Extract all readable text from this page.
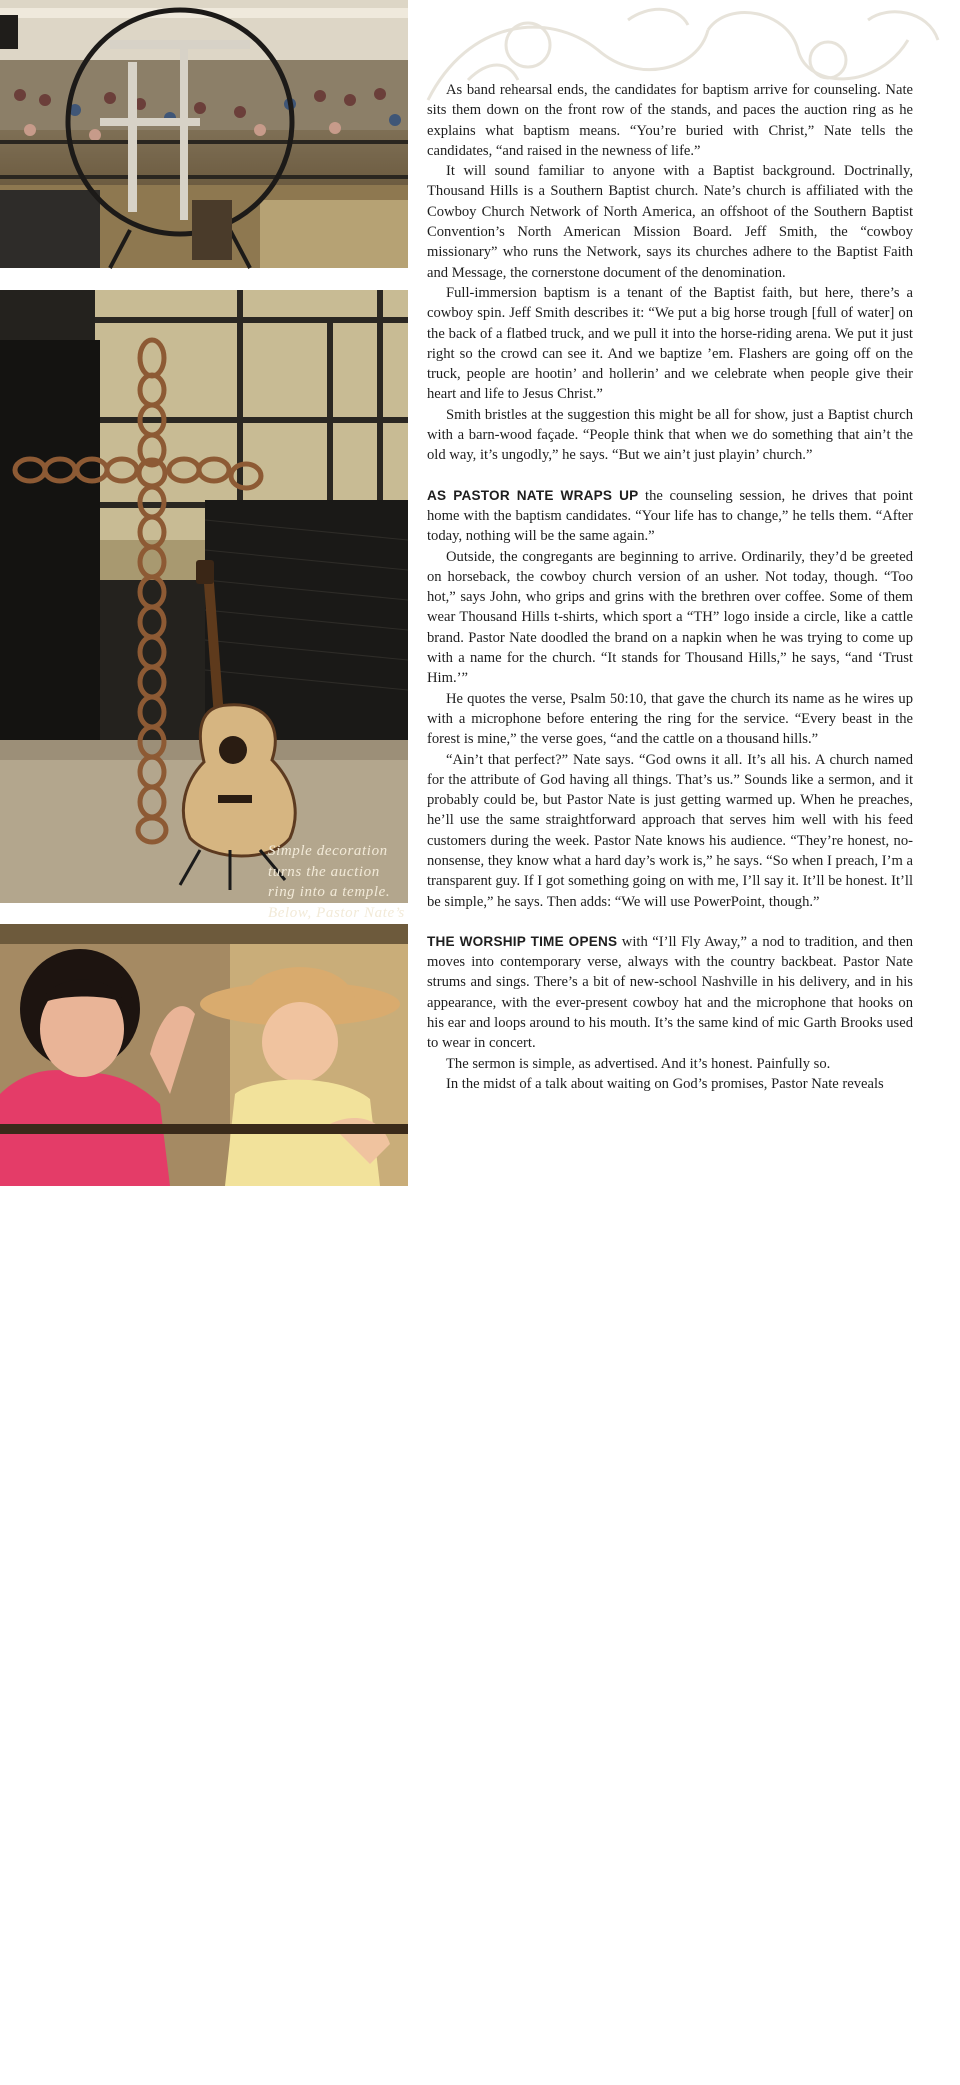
Simple decoration turns the auction ring into a temple. Below, Pastor Nate’s
14 Massey Ferguson FARM LIFE

As band rehearsal ends, the candidates for baptism arrive for counseling. Nate sits them down on the front row of the stands, and paces the auction ring as he explains what baptism means. “You’re buried with Christ,” Nate tells the candidates, “and raised in the newness of life.”

It will sound familiar to anyone with a Baptist background. Doctrinally, Thousand Hills is a Southern Baptist church. Nate’s church is affiliated with the Cowboy Church Network of North America, an offshoot of the Southern Baptist Convention’s North American Mission Board. Jeff Smith, the “cowboy missionary” who runs the Network, says its churches adhere to the Baptist Faith and Message, the cornerstone document of the denomination.

Full-immersion baptism is a tenant of the Baptist faith, but here, there’s a cowboy spin. Jeff Smith describes it: “We put a big horse trough [full of water] on the back of a flatbed truck, and we pull it into the horse-riding arena. We put it just right so the crowd can see it. And we baptize ’em. Flashers are going off on the truck, people are hootin’ and hollerin’ and we celebrate when people give their heart and life to Jesus Christ.”

Smith bristles at the suggestion this might be all for show, just a Baptist church with a barn-wood façade. “People think that when we do something that ain’t the old way, it’s ungodly,” he says. “But we ain’t just playin’ church.”

AS PASTOR NATE WRAPS UP the counseling session, he drives that point home with the baptism candidates. “Your life has to change,” he tells them. “After today, nothing will be the same again.”

Outside, the congregants are beginning to arrive. Ordinarily, they’d be greeted on horseback, the cowboy church version of an usher. Not today, though. “Too hot,” says John, who grips and grins with the brethren over coffee. Some of them wear Thousand Hills t-shirts, which sport a “TH” logo inside a circle, like a cattle brand. Pastor Nate doodled the brand on a napkin when he was trying to come up with a name for the church. “It stands for Thousand Hills,” he says, “and ‘Trust Him.’”

He quotes the verse, Psalm 50:10, that gave the church its name as he wires up with a microphone before entering the ring for the service. “Every beast in the forest is mine,” the verse goes, “and the cattle on a thousand hills.”

“Ain’t that perfect?” Nate says. “God owns it all. It’s all his. A church named for the attribute of God having all things. That’s us.” Sounds like a sermon, and it probably could be, but Pastor Nate is just getting warmed up. When he preaches, he’ll use the same straightforward approach that serves him well with his feed customers during the week. Pastor Nate knows his audience. “They’re honest, no-nonsense, they know what a hard day’s work is,” he says. “So when I preach, I’m a transparent guy. If I got something going on with me, I’ll say it. It’ll be honest. It’ll be simple,” he says. Then adds: “We will use PowerPoint, though.”

THE WORSHIP TIME OPENS with “I’ll Fly Away,” a nod to tradition, and then moves into contemporary verse, always with the country backbeat. Pastor Nate strums and sings. There’s a bit of new-school Nashville in his delivery, and in his appearance, with the ever-present cowboy hat and the microphone that hooks on his ear and loops around to his mouth. It’s the same kind of mic Garth Brooks used to wear in concert.

The sermon is simple, as advertised. And it’s honest. Painfully so.

In the midst of a talk about waiting on God’s promises, Pastor Nate reveals
